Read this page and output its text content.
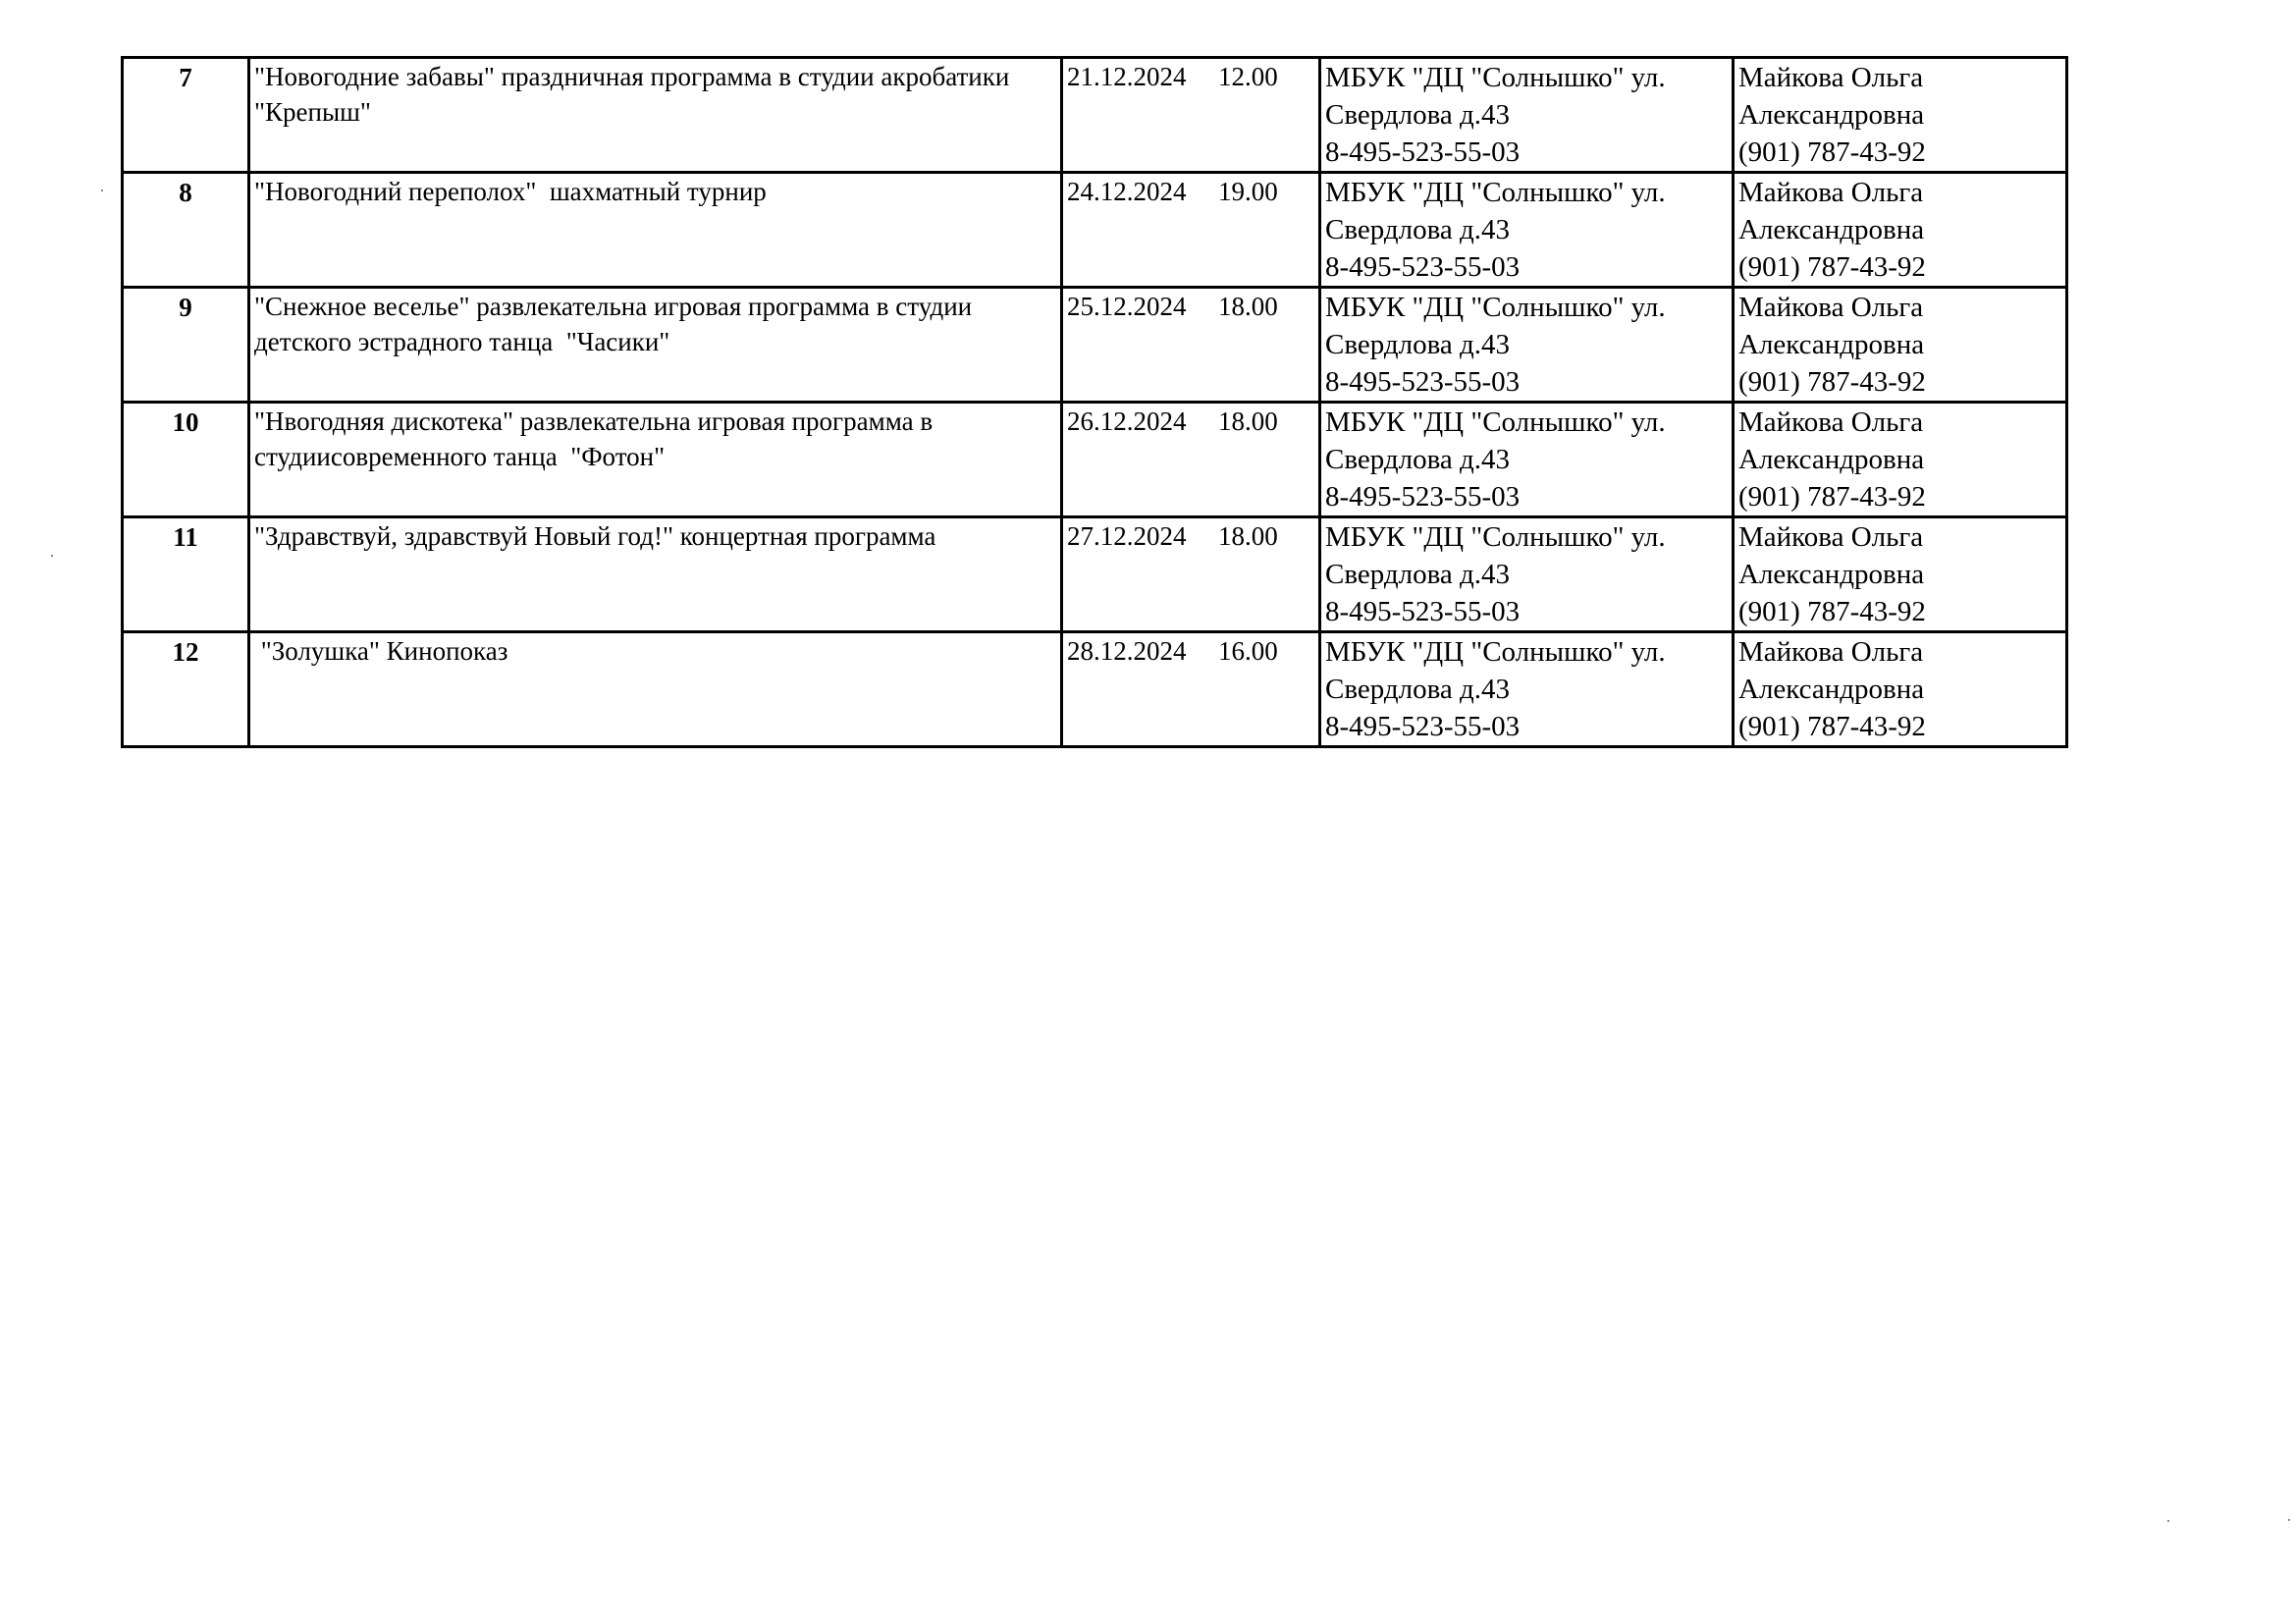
7	"Новогодние забавы" праздничная программа в студии акробатики
"Крепыш"	21.12.2024 12.00	МБУК "ДЦ "Солнышко" ул.
Свердлова д.43
8-495-523-55-03	Майкова Ольга
Александровна
(901) 787-43-92

8	"Новогодний переполох"  шахматный турнир	24.12.2024 19.00	МБУК "ДЦ "Солнышко" ул.
Свердлова д.43
8-495-523-55-03	Майкова Ольга
Александровна
(901) 787-43-92

9	"Снежное веселье" развлекательна игровая программа в студии
детского эстрадного танца  "Часики"	25.12.2024 18.00	МБУК "ДЦ "Солнышко" ул.
Свердлова д.43
8-495-523-55-03	Майкова Ольга
Александровна
(901) 787-43-92

10	"Нвогодняя дискотека" развлекательна игровая программа в
студиисовременного танца  "Фотон"	26.12.2024 18.00	МБУК "ДЦ "Солнышко" ул.
Свердлова д.43
8-495-523-55-03	Майкова Ольга
Александровна
(901) 787-43-92

11	"Здравствуй, здравствуй Новый год!" концертная программа	27.12.2024 18.00	МБУК "ДЦ "Солнышко" ул.
Свердлова д.43
8-495-523-55-03	Майкова Ольга
Александровна
(901) 787-43-92

12	"Золушка" Кинопоказ	28.12.2024 16.00	МБУК "ДЦ "Солнышко" ул.
Свердлова д.43
8-495-523-55-03	Майкова Ольга
Александровна
(901) 787-43-92
